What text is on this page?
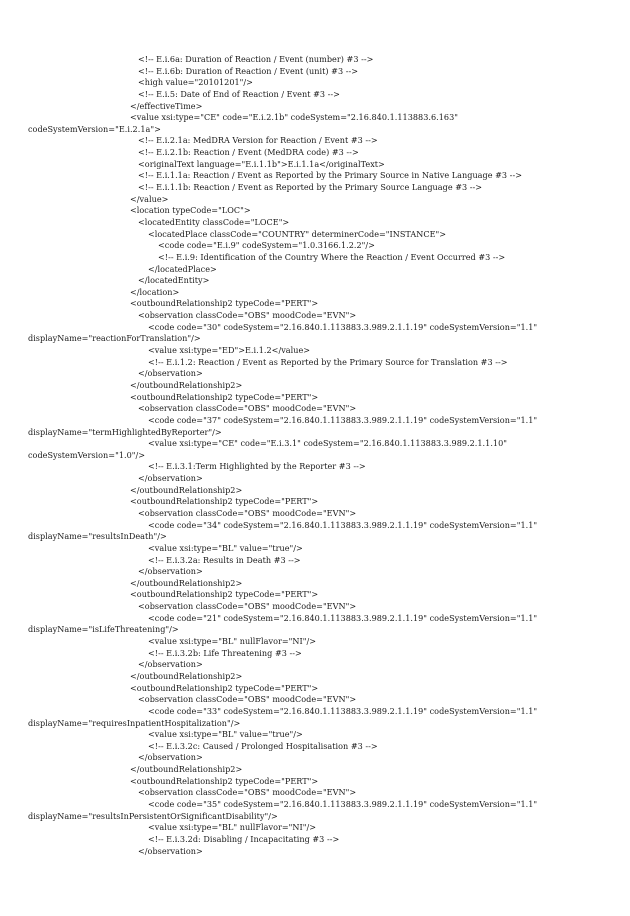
<!-- E.i.6a: Duration of Reaction / Event (number) #3 -->
<!-- E.i.6b: Duration of Reaction / Event (unit) #3 -->
<high value="20101201"/>
<!-- E.i.5: Date of End of Reaction / Event #3 -->
</effectiveTime>
<value xsi:type="CE" code="E.i.2.1b" codeSystem="2.16.840.1.113883.6.163"
codeSystemVersion="E.i.2.1a">
<!-- E.i.2.1a: MedDRA Version for Reaction / Event #3 -->
<!-- E.i.2.1b: Reaction / Event (MedDRA code) #3 -->
<originalText language="E.i.1.1b">E.i.1.1a</originalText>
<!-- E.i.1.1a: Reaction / Event as Reported by the Primary Source in Native Language #3 -->
<!-- E.i.1.1b: Reaction / Event as Reported by the Primary Source Language #3 -->
</value>
<location typeCode="LOC">
<locatedEntity classCode="LOCE">
<locatedPlace classCode="COUNTRY" determinerCode="INSTANCE">
<code code="E.i.9" codeSystem="1.0.3166.1.2.2"/>
<!-- E.i.9: Identification of the Country Where the Reaction / Event Occurred #3 -->
</locatedPlace>
</locatedEntity>
</location>
<outboundRelationship2 typeCode="PERT">
<observation classCode="OBS" moodCode="EVN">
<code code="30" codeSystem="2.16.840.1.113883.3.989.2.1.1.19" codeSystemVersion="1.1"
displayName="reactionForTranslation"/>
<value xsi:type="ED">E.i.1.2</value>
<!-- E.i.1.2: Reaction / Event as Reported by the Primary Source for Translation #3 -->
</observation>
</outboundRelationship2>
<outboundRelationship2 typeCode="PERT">
<observation classCode="OBS" moodCode="EVN">
<code code="37" codeSystem="2.16.840.1.113883.3.989.2.1.1.19" codeSystemVersion="1.1"
displayName="termHighlightedByReporter"/>
<value xsi:type="CE" code="E.i.3.1" codeSystem="2.16.840.1.113883.3.989.2.1.1.10"
codeSystemVersion="1.0"/>
<!-- E.i.3.1:Term Highlighted by the Reporter #3 -->
</observation>
</outboundRelationship2>
<outboundRelationship2 typeCode="PERT">
<observation classCode="OBS" moodCode="EVN">
<code code="34" codeSystem="2.16.840.1.113883.3.989.2.1.1.19" codeSystemVersion="1.1"
displayName="resultsInDeath"/>
<value xsi:type="BL" value="true"/>
<!-- E.i.3.2a: Results in Death #3 -->
</observation>
</outboundRelationship2>
<outboundRelationship2 typeCode="PERT">
<observation classCode="OBS" moodCode="EVN">
<code code="21" codeSystem="2.16.840.1.113883.3.989.2.1.1.19" codeSystemVersion="1.1"
displayName="isLifeThreatening"/>
<value xsi:type="BL" nullFlavor="NI"/>
<!-- E.i.3.2b: Life Threatening #3 -->
</observation>
</outboundRelationship2>
<outboundRelationship2 typeCode="PERT">
<observation classCode="OBS" moodCode="EVN">
<code code="33" codeSystem="2.16.840.1.113883.3.989.2.1.1.19" codeSystemVersion="1.1"
displayName="requiresInpatientHospitalization"/>
<value xsi:type="BL" value="true"/>
<!-- E.i.3.2c: Caused / Prolonged Hospitalisation #3 -->
</observation>
</outboundRelationship2>
<outboundRelationship2 typeCode="PERT">
<observation classCode="OBS" moodCode="EVN">
<code code="35" codeSystem="2.16.840.1.113883.3.989.2.1.1.19" codeSystemVersion="1.1"
displayName="resultsInPersistentOrSignificantDisability"/>
<value xsi:type="BL" nullFlavor="NI"/>
<!-- E.i.3.2d: Disabling / Incapacitating #3 -->
</observation>
